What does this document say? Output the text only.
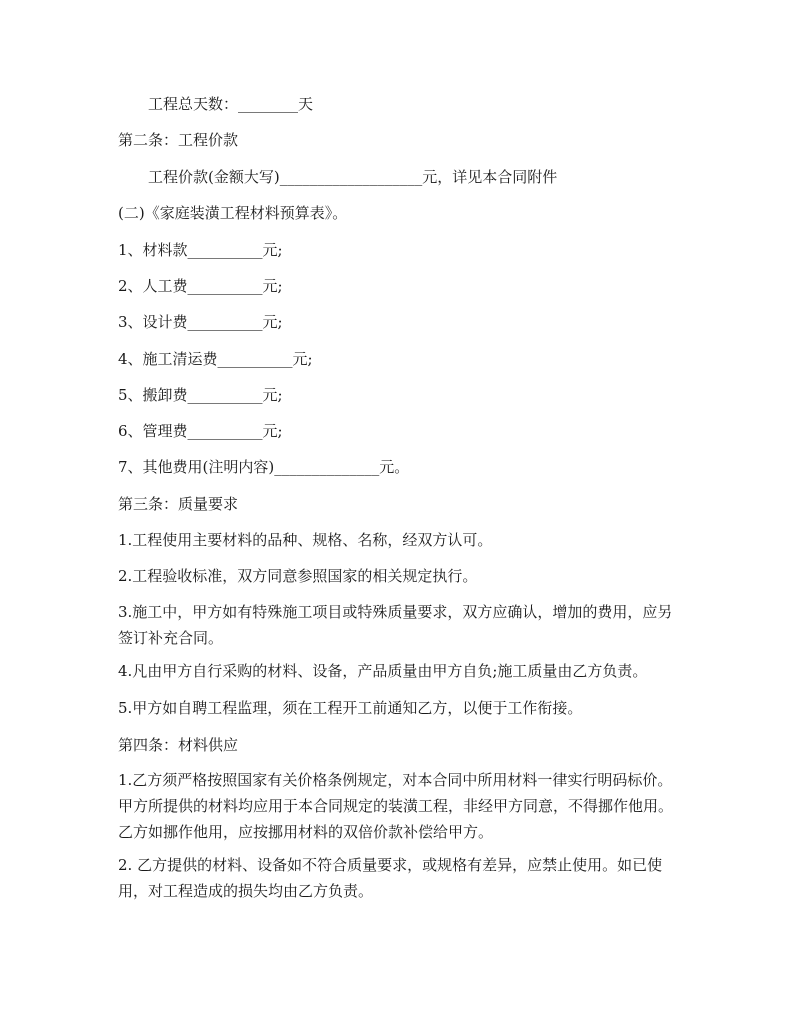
工程总天数：________天
第二条：工程价款
工程价款(金额大写)___________________元，详见本合同附件
(二)《家庭装潢工程材料预算表》。
1、材料款__________元;
2、人工费__________元;
3、设计费__________元;
4、施工清运费__________元;
5、搬卸费__________元;
6、管理费__________元;
7、其他费用(注明内容)______________元。
第三条：质量要求
1.工程使用主要材料的品种、规格、名称，经双方认可。
2.工程验收标准，双方同意参照国家的相关规定执行。
3.施工中，甲方如有特殊施工项目或特殊质量要求，双方应确认，增加的费用，应另签订补充合同。
4.凡由甲方自行采购的材料、设备，产品质量由甲方自负;施工质量由乙方负责。
5.甲方如自聘工程监理，须在工程开工前通知乙方，以便于工作衔接。
第四条：材料供应
1.乙方须严格按照国家有关价格条例规定，对本合同中所用材料一律实行明码标价。甲方所提供的材料均应用于本合同规定的装潢工程，非经甲方同意，不得挪作他用。乙方如挪作他用，应按挪用材料的双倍价款补偿给甲方。
2. 乙方提供的材料、设备如不符合质量要求，或规格有差异，应禁止使用。如已使用，对工程造成的损失均由乙方负责。
